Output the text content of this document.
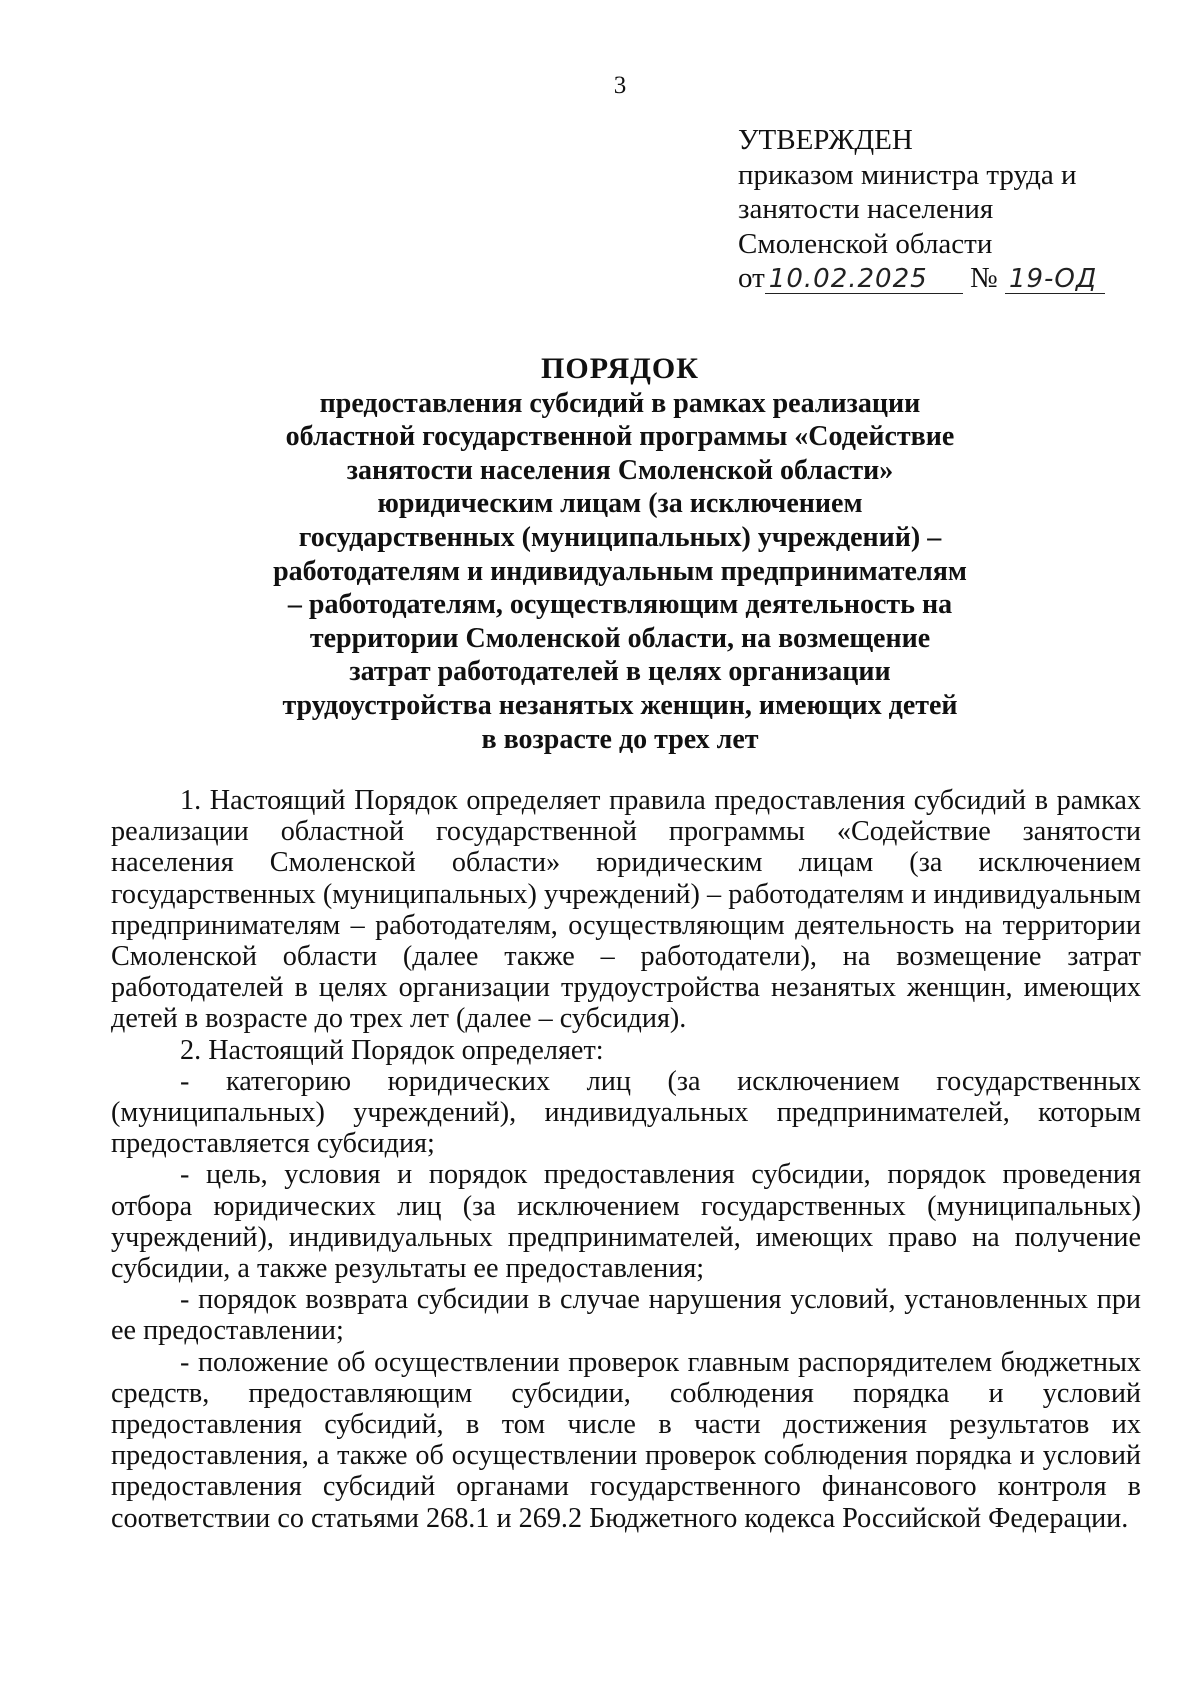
3
УТВЕРЖДЕН
приказом министра труда и
занятости населения
Смоленской области
от 10.02.2025 № 19-ОД
ПОРЯДОК
предоставления субсидий в рамках реализации
областной государственной программы «Содействие
занятости населения Смоленской области»
юридическим лицам (за исключением
государственных (муниципальных) учреждений) –
работодателям и индивидуальным предпринимателям
– работодателям, осуществляющим деятельность на
территории Смоленской области, на возмещение
затрат работодателей в целях организации
трудоустройства незанятых женщин, имеющих детей
в возрасте до трех лет

1. Настоящий Порядок определяет правила предоставления субсидий в рамках реализации областной государственной программы «Содействие занятости населения Смоленской области» юридическим лицам (за исключением государственных (муниципальных) учреждений) – работодателям и индивидуальным предпринимателям – работодателям, осуществляющим деятельность на территории Смоленской области (далее также – работодатели), на возмещение затрат работодателей в целях организации трудоустройства незанятых женщин, имеющих детей в возрасте до трех лет (далее – субсидия).

2. Настоящий Порядок определяет:

- категорию юридических лиц (за исключением государственных (муниципальных) учреждений), индивидуальных предпринимателей, которым предоставляется субсидия;

- цель, условия и порядок предоставления субсидии, порядок проведения отбора юридических лиц (за исключением государственных (муниципальных) учреждений), индивидуальных предпринимателей, имеющих право на получение субсидии, а также результаты ее предоставления;

- порядок возврата субсидии в случае нарушения условий, установленных при ее предоставлении;

- положение об осуществлении проверок главным распорядителем бюджетных средств, предоставляющим субсидии, соблюдения порядка и условий предоставления субсидий, в том числе в части достижения результатов их предоставления, а также об осуществлении проверок соблюдения порядка и условий предоставления субсидий органами государственного финансового контроля в соответствии со статьями 268.1 и 269.2 Бюджетного кодекса Российской Федерации.
